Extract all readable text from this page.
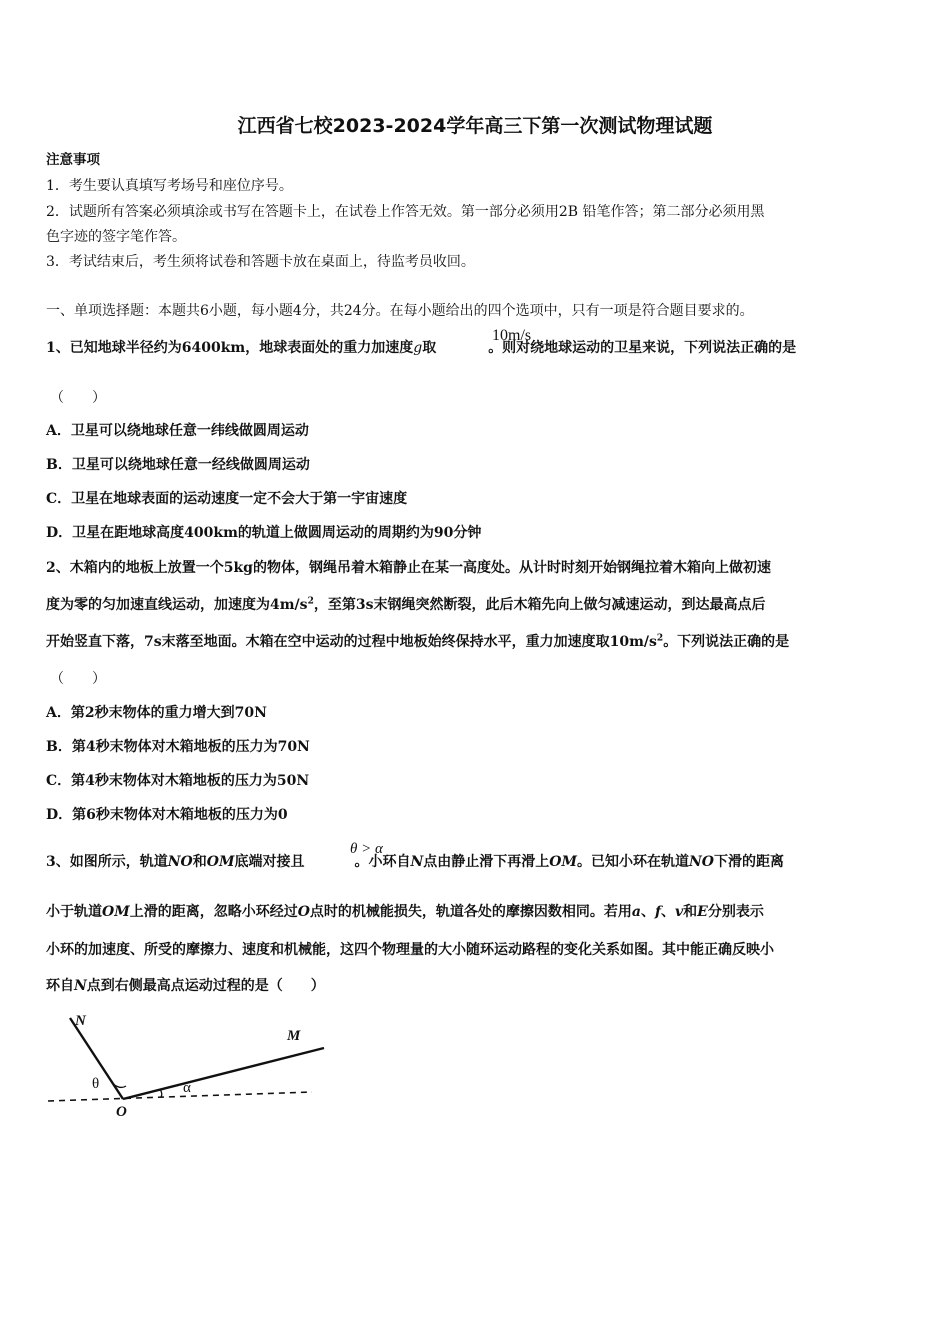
江西省七校2023-2024学年高三下第一次测试物理试题
注意事项
1．考生要认真填写考场号和座位序号。
2．试题所有答案必须填涂或书写在答题卡上，在试卷上作答无效。第一部分必须用2B 铅笔作答；第二部分必须用黑
色字迹的签字笔作答。
3．考试结束后，考生须将试卷和答题卡放在桌面上，待监考员收回。
一、单项选择题：本题共6小题，每小题4分，共24分。在每小题给出的四个选项中，只有一项是符合题目要求的。
1、已知地球半径约为6400km，地球表面处的重力加速度g取	。则对绕地球运动的卫星来说，下列说法正确的是
10m/s
（　　）
A．卫星可以绕地球任意一纬线做圆周运动
B．卫星可以绕地球任意一经线做圆周运动
C．卫星在地球表面的运动速度一定不会大于第一宇宙速度
D．卫星在距地球高度400km的轨道上做圆周运动的周期约为90分钟
2、木箱内的地板上放置一个5kg的物体，钢绳吊着木箱静止在某一高度处。从计时时刻开始钢绳拉着木箱向上做初速
度为零的匀加速直线运动，加速度为$4m/s^2$，至第3s末钢绳突然断裂，此后木箱先向上做匀减速运动，到达最高点后
开始竖直下落，7s末落至地面。木箱在空中运动的过程中地板始终保持水平，重力加速度取$10m/s^2$。下列说法正确的是
（　　）
A．第2秒末物体的重力增大到70N
B．第4秒末物体对木箱地板的压力为70N
C．第4秒末物体对木箱地板的压力为50N
D．第6秒末物体对木箱地板的压力为0
3、如图所示，轨道NO和OM底端对接且	。小环自N点由静止滑下再滑上OM。已知小环在轨道NO下滑的距离
θ > α
小于轨道OM上滑的距离，忽略小环经过O点时的机械能损失，轨道各处的摩擦因数相同。若用a、f、v和E分别表示
小环的加速度、所受的摩擦力、速度和机械能，这四个物理量的大小随环运动路程的变化关系如图。其中能正确反映小
环自N点到右侧最高点运动过程的是（　　）
N
M
O
θ	α
